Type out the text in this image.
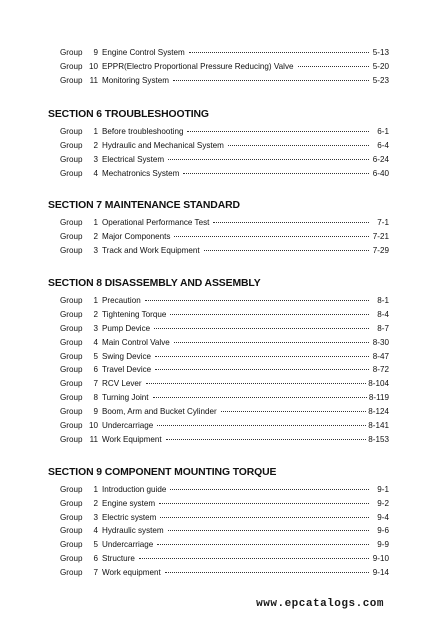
Group	9 Engine Control System	5-13
Group 10 EPPR(Electro Proportional Pressure Reducing) Valve	5-20
Group 11 Monitoring System	5-23
SECTION 6 TROUBLESHOOTING
Group	1 Before troubleshooting	6-1
Group	2 Hydraulic and Mechanical System	6-4
Group	3 Electrical System	6-24
Group	4 Mechatronics System	6-40
SECTION 7 MAINTENANCE STANDARD
Group	1 Operational Performance Test	7-1
Group	2 Major Components	7-21
Group	3 Track and Work Equipment	7-29
SECTION 8 DISASSEMBLY AND ASSEMBLY
Group	1 Precaution	8-1
Group	2 Tightening Torque	8-4
Group	3 Pump Device	8-7
Group	4 Main Control Valve	8-30
Group	5 Swing Device	8-47
Group	6 Travel Device	8-72
Group	7 RCV Lever	8-104
Group	8 Turning Joint	8-119
Group	9 Boom, Arm and Bucket Cylinder	8-124
Group 10 Undercarriage	8-141
Group 11 Work Equipment	8-153
SECTION 9 COMPONENT MOUNTING TORQUE
Group	1 Introduction guide	9-1
Group	2 Engine system	9-2
Group	3 Electric system	9-4
Group	4 Hydraulic system	9-6
Group	5 Undercarriage	9-9
Group	6 Structure	9-10
Group	7 Work equipment	9-14
www.epcatalogs.com
